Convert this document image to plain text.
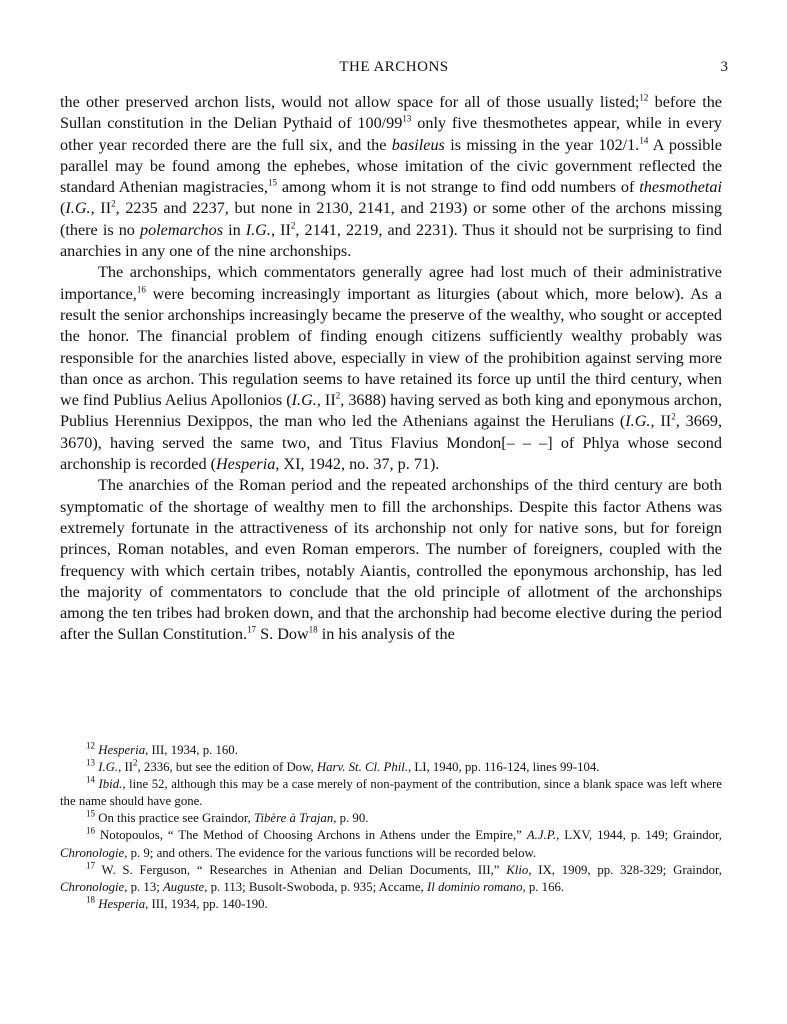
THE ARCHONS	3

the other preserved archon lists, would not allow space for all of those usually listed;$^{12}$ before the Sullan constitution in the Delian Pythaid of $100/99^{13}$ only five thesmothetes appear, while in every other year recorded there are the full six, and the basileus is missing in the year 102/1.14 A possible parallel may be found among the ephebes, whose imitation of the civic government reflected the standard Athenian magistracies,$^{15}$ among whom it is not strange to find odd numbers of thesmothetai (I.G., $II^2$, 2235 and 2237, but none in 2130, 2141, and 2193) or some other of the archons missing (there is no polemarchos in I.G., $II^2$, 2141, 2219, and 2231). Thus it should not be surprising to find anarchies in any one of the nine archonships.

The archonships, which commentators generally agree had lost much of their administrative importance,$^{16}$ were becoming increasingly important as liturgies (about which, more below). As a result the senior archonships increasingly became the preserve of the wealthy, who sought or accepted the honor. The financial problem of finding enough citizens sufficiently wealthy probably was responsible for the anarchies listed above, especially in view of the prohibition against serving more than once as archon. This regulation seems to have retained its force up until the third century, when we find Publius Aelius Apollonios (I.G., $II^2$, 3688) having served as both king and eponymous archon, Publius Herennius Dexippos, the man who led the Athenians against the Herulians (I.G., $II^2$, 3669, 3670), having served the same two, and Titus Flavius Mondon[– – –] of Phlya whose second archonship is recorded (Hesperia, XI, 1942, no. 37, p. 71).

The anarchies of the Roman period and the repeated archonships of the third century are both symptomatic of the shortage of wealthy men to fill the archonships. Despite this factor Athens was extremely fortunate in the attractiveness of its archonship not only for native sons, but for foreign princes, Roman notables, and even Roman emperors. The number of foreigners, coupled with the frequency with which certain tribes, notably Aiantis, controlled the eponymous archonship, has led the majority of commentators to conclude that the old principle of allotment of the archonships among the ten tribes had broken down, and that the archonship had become elective during the period after the Sullan Constitution.$^{17}$ S. Dow$^{18}$ in his analysis of the

$^{12}$ Hesperia, III, 1934, p. 160.

$^{13}$ I.G., $II^2$, 2336, but see the edition of Dow, Harv. St. Cl. Phil., LI, 1940, pp. 116-124, lines 99-104.

$^{14}$ Ibid., line 52, although this may be a case merely of non-payment of the contribution, since a blank space was left where the name should have gone.

$^{15}$ On this practice see Graindor, Tibère à Trajan, p. 90.

$^{16}$ Notopoulos, “ The Method of Choosing Archons in Athens under the Empire,” A.J.P., LXV, 1944, p. 149; Graindor, Chronologie, p. 9; and others. The evidence for the various functions will be recorded below.

$^{17}$ W. S. Ferguson, “ Researches in Athenian and Delian Documents, III,” Klio, IX, 1909, pp. 328-329; Graindor, Chronologie, p. 13; Auguste, p. 113; Busolt-Swoboda, p. 935; Accame, Il dominio romano, p. 166.

$^{18}$ Hesperia, III, 1934, pp. 140-190.
